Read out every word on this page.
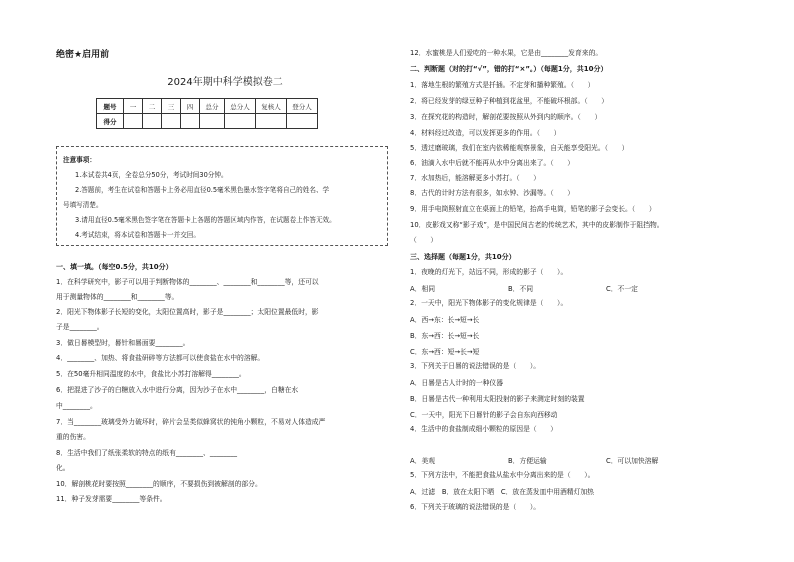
绝密★启用前
2024年期中科学模拟卷二
题号	一	二	三	四	总分	总分人	复核人	登分人
得分								

注意事项：

1.本试卷共4页，全卷总分50分，考试时间30分钟。

2.答题前，考生在试卷和答题卡上务必用直径0.5毫米黑色墨水签字笔将自己的姓名、学

号填写清楚。

3.请用直径0.5毫米黑色签字笔在答题卡上各题的答题区域内作答，在试题卷上作答无效。

4.考试结束，将本试卷和答题卡一并交回。

一、填一填。（每空0.5分，共10分）
1．在科学研究中，影子可以用于判断物体的________、________和________等，还可以
用于测量物体的________和________等。
2．阳光下物体影子长短的变化，太阳位置高时，影子是________；太阳位置最低时，影
子是________。
3．做日晷模型时，晷针和晷面要________。
4．________、加热、将食盐研碎等方法都可以使食盐在水中的溶解。
5．在50毫升相同温度的水中，食盐比小苏打溶解得________。
6．把混进了沙子的白糖放入水中进行分离，因为沙子在水中________，白糖在水
中________。
7．当________玻璃受外力破坏时，碎片会呈类似蜂窝状的钝角小颗粒，不易对人体造成严
重的伤害。
8．生活中我们了纸张柔软的特点的纸有________、________
化。
10．解剖桃花时要按照________的顺序，不要损伤到被解剖的部分。
11．种子发芽需要________等条件。
12．水蜜桃是人们爱吃的一种水果，它是由________发育来的。
二、判断题（对的打“√”，错的打“×”。）（每题1分，共10分）
1．落地生根的繁殖方式是扦插。不定芽和播种繁殖。（　　）
2．将已经发芽的绿豆种子种植到花盆里，不能破坏根部。（　　）
3．在探究花的构造时，解剖花要按照从外到内的顺序。（　　）
4．材料经过改造，可以发挥更多的作用。（　　）
5．透过磨玻璃，我们在室内依稀能观察景象，自天能享受阳光。（　　）
6．油滴入水中后就不能再从水中分离出来了。（　　）
7．水加热后，能溶解更多小苏打。（　　）
8．古代的计时方法有很多，如水钟、沙漏等。（　　）
9．用手电筒照射直立在桌面上的铅笔，抬高手电筒，铅笔的影子会变长。（　　）
10．皮影戏又称“影子戏”，是中国民间古老的传统艺术，其中的皮影制作于阻挡物。
（　　）
三、选择题（每题1分，共10分）
1．夜晚的灯光下，站远不同，形成的影子（　　）。
A．相同	B．不同	C．不一定
2．一天中，阳光下物体影子的变化规律是（　　）。
A．西→东：长→短→长
B．东→西：长→短→长
C．东→西：短→长→短
3．下列关于日晷的说法错误的是（　　）。
A．日晷是古人计时的一种仪器
B．日晷是古代一种利用太阳投射的影子来测定时刻的装置
C．一天中，阳光下日晷针的影子会自东向西移动
4．生活中的食盐制成细小颗粒的原因是（　　）
A．美观	B．方便运输	C．可以加快溶解
5．下列方法中，不能把食盐从盐水中分离出来的是（　　）。
A．过滤　B．放在太阳下晒　C．放在蒸发皿中用酒精灯加热
6．下列关于玻璃的说法错误的是（　　）。
